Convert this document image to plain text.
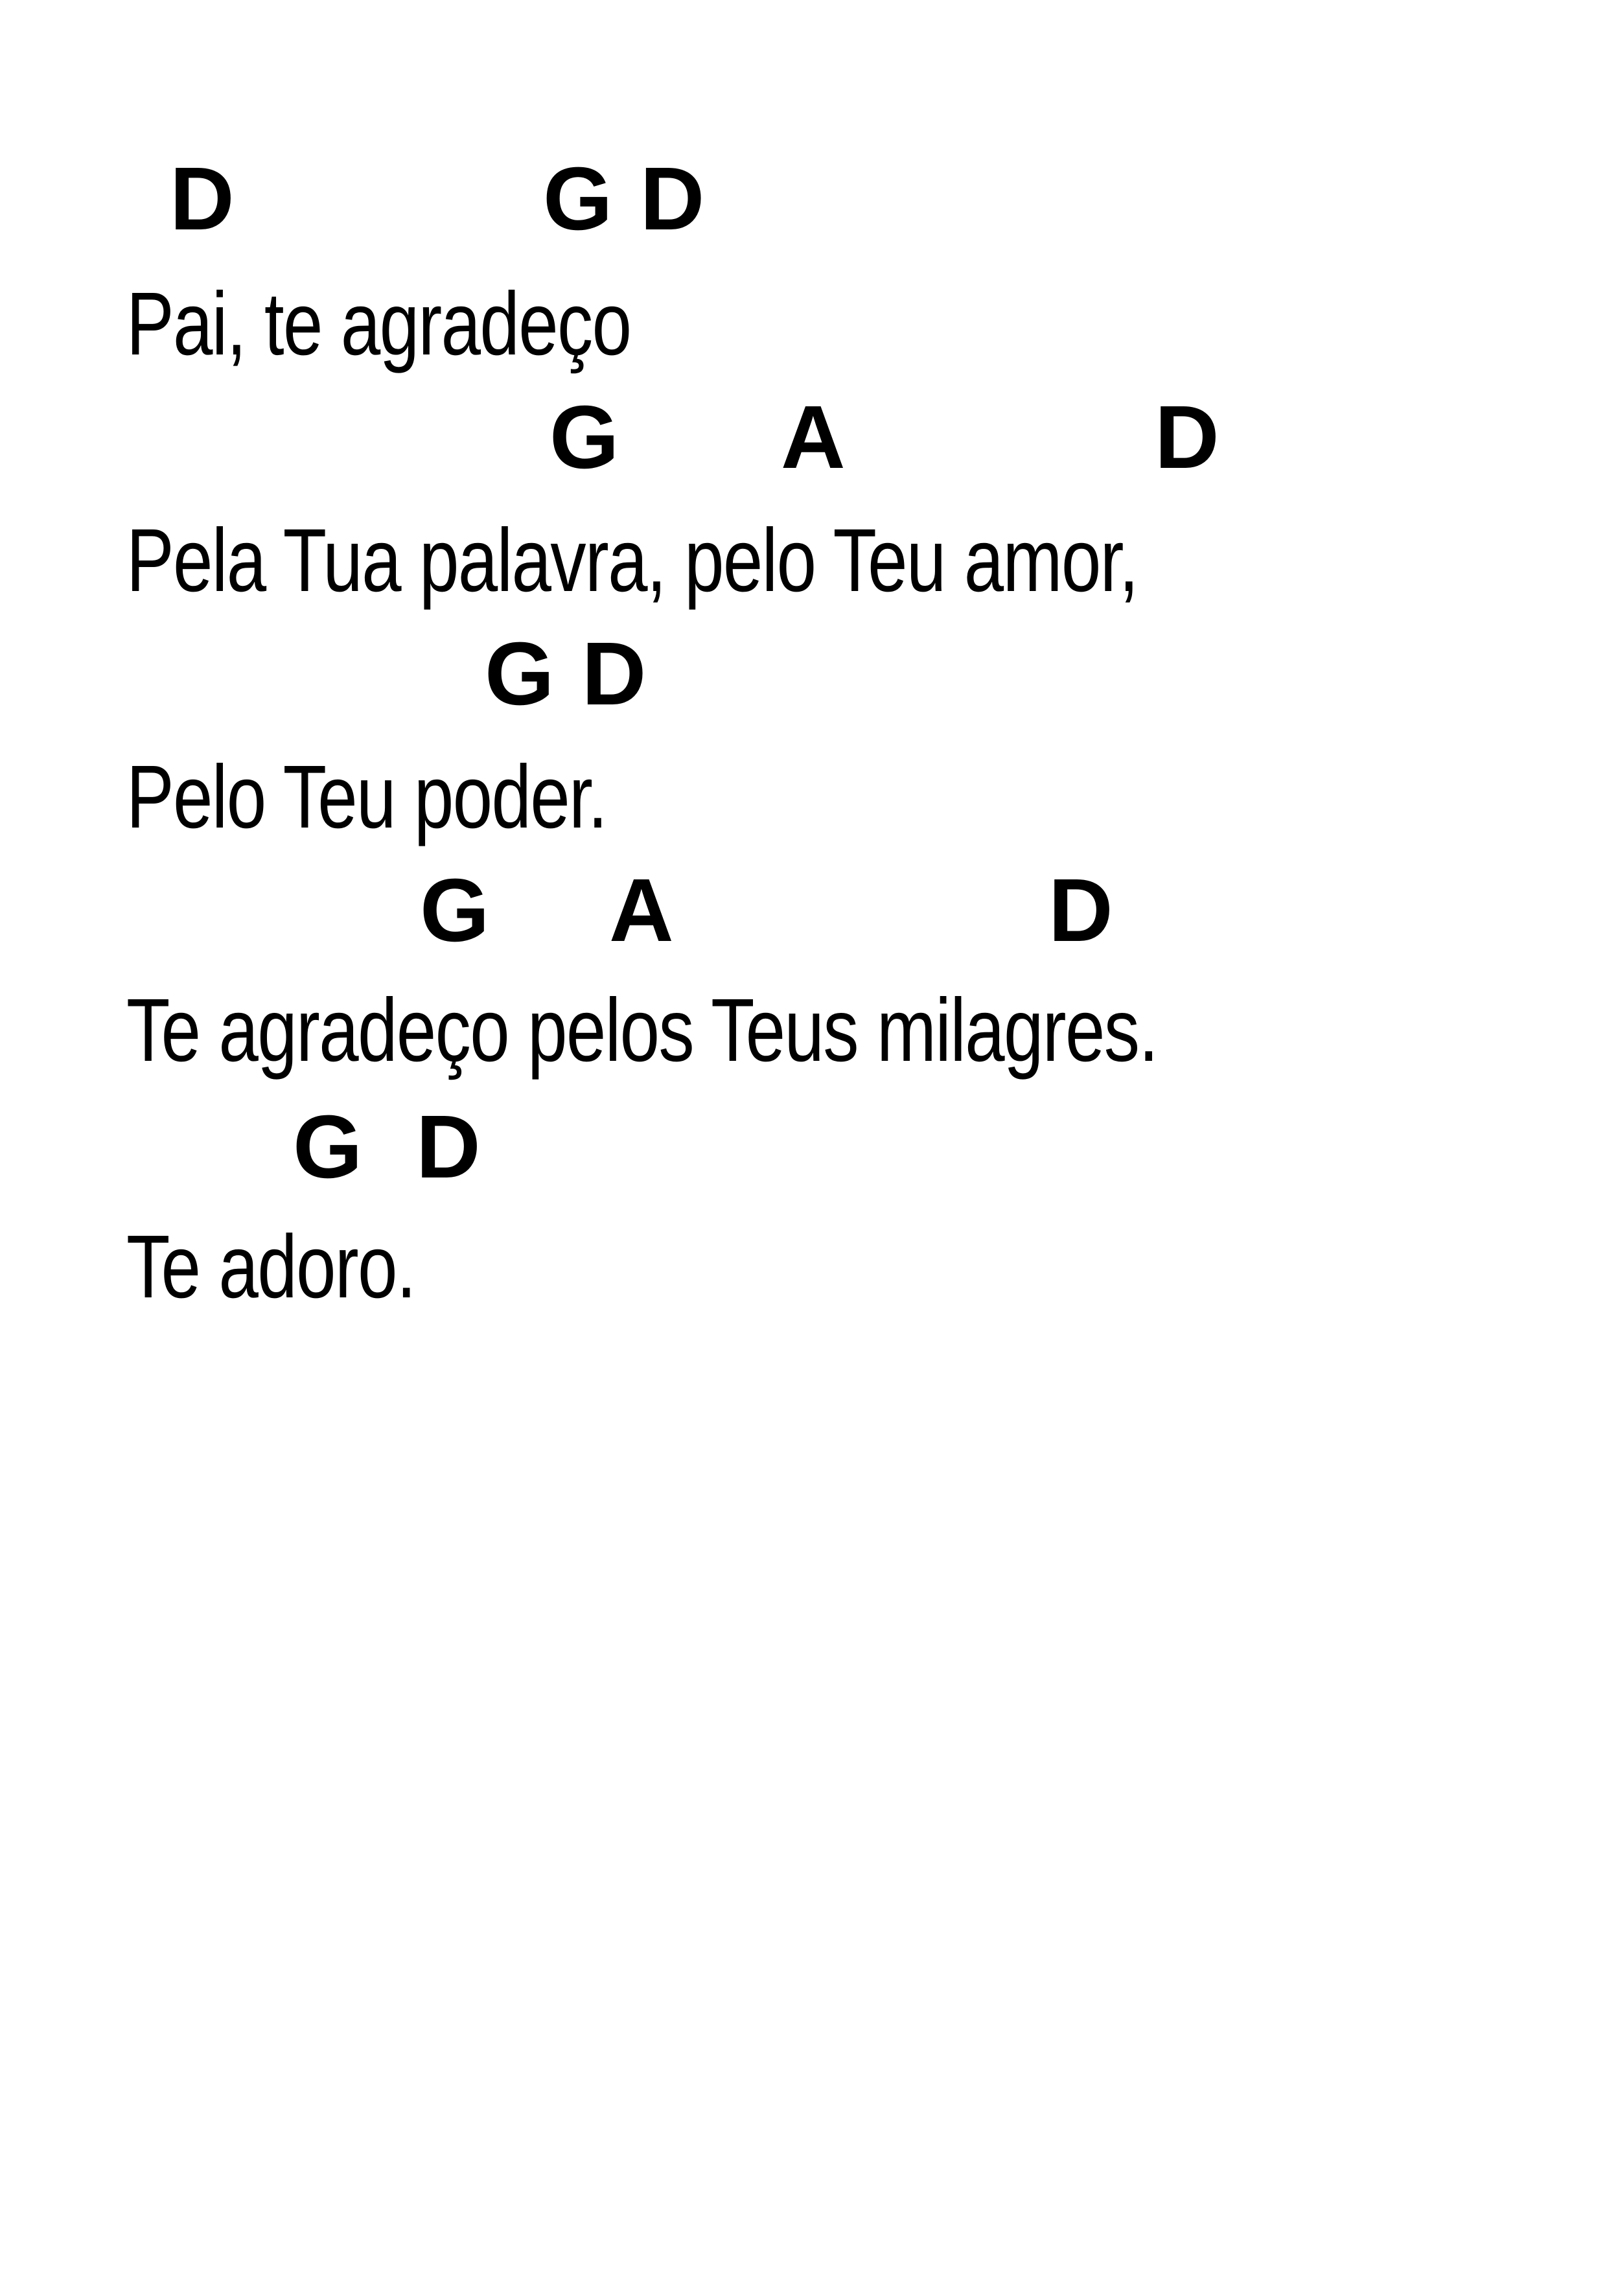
D	G D
Pai, te agradeço
G A	D
Pela Tua palavra, pelo Teu amor,
G D
Pelo Teu poder.
G A	D
Te agradeço pelos Teus milagres.
G  D
Te adoro.
